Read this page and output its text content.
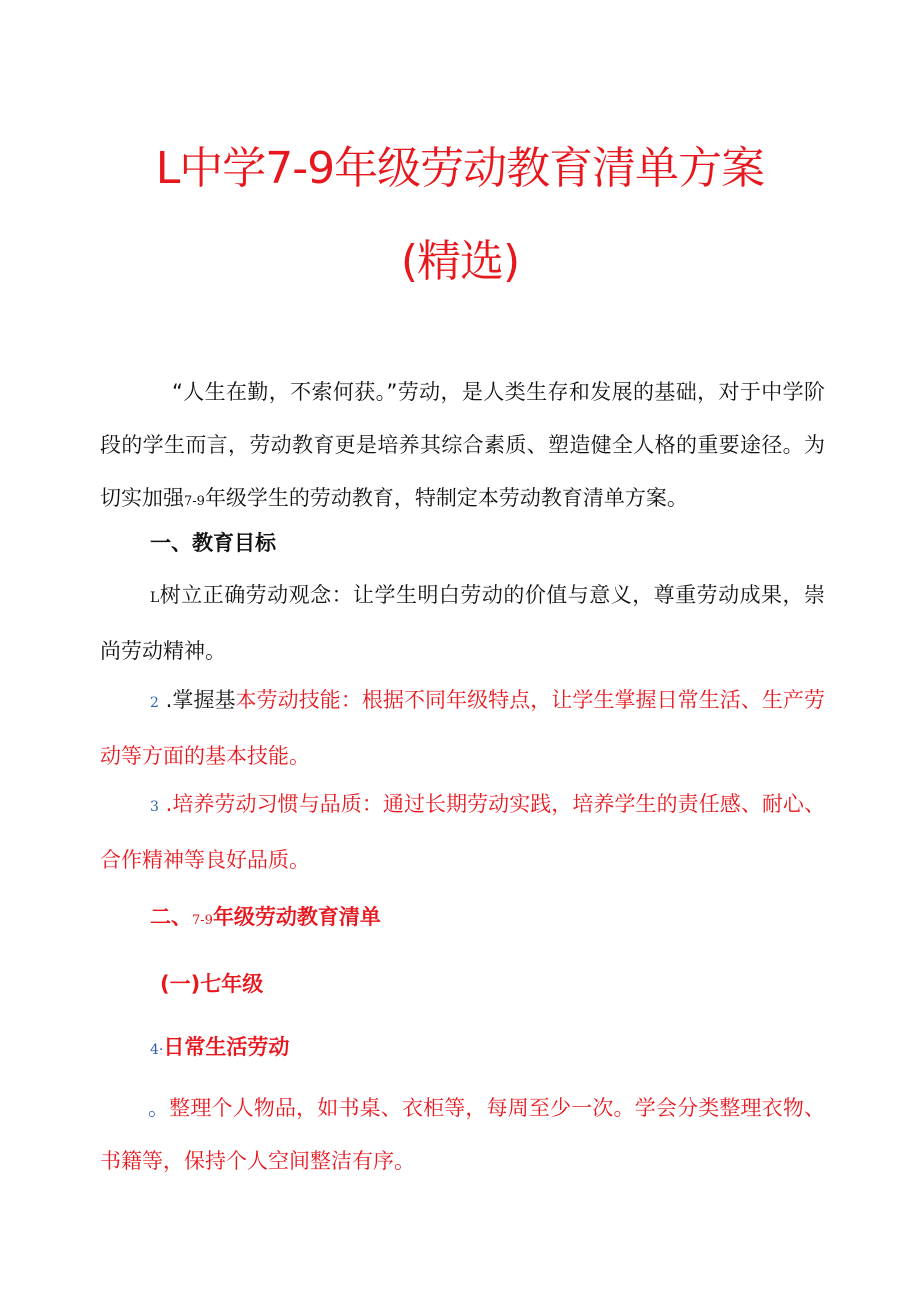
L中学7-9年级劳动教育清单方案
(精选)
“人生在勤，不索何获。”劳动，是人类生存和发展的基础，对于中学阶段的学生而言，劳动教育更是培养其综合素质、塑造健全人格的重要途径。为切实加强7-9年级学生的劳动教育，特制定本劳动教育清单方案。
一、教育目标
L树立正确劳动观念：让学生明白劳动的价值与意义，尊重劳动成果，崇尚劳动精神。
2 .掌握基本劳动技能：根据不同年级特点，让学生掌握日常生活、生产劳动等方面的基本技能。
3 .培养劳动习惯与品质：通过长期劳动实践，培养学生的责任感、耐心、合作精神等良好品质。
二、7-9年级劳动教育清单
(一)七年级
4·日常生活劳动
。整理个人物品，如书桌、衣柜等，每周至少一次。学会分类整理衣物、书籍等，保持个人空间整洁有序。
